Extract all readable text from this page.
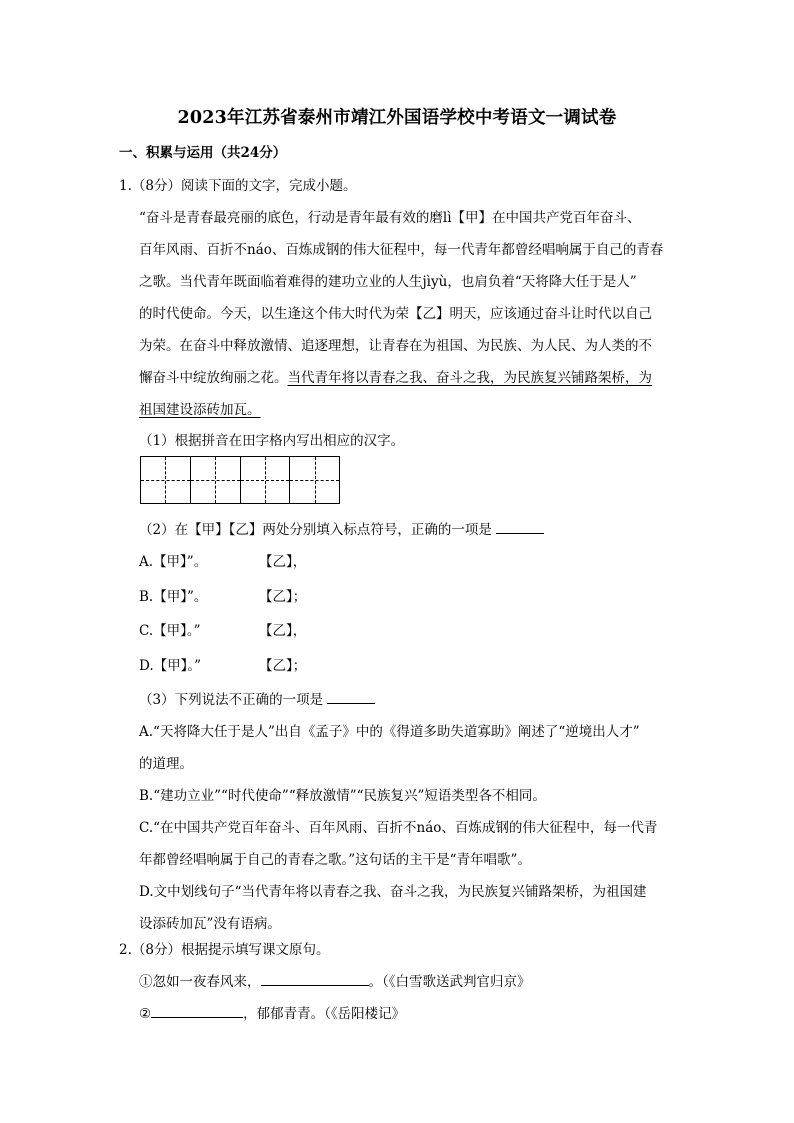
2023年江苏省泰州市靖江外国语学校中考语文一调试卷
一、积累与运用（共24分）
1.（8分）阅读下面的文字，完成小题。
“奋斗是青春最亮丽的底色，行动是青年最有效的磨lì【甲】在中国共产党百年奋斗、
百年风雨、百折不náo、百炼成钢的伟大征程中，每一代青年都曾经唱响属于自己的青春
之歌。当代青年既面临着难得的建功立业的人生jìyù，也肩负着“天将降大任于是人”
的时代使命。今天，以生逢这个伟大时代为荣【乙】明天，应该通过奋斗让时代以自己
为荣。在奋斗中释放激情、追逐理想，让青春在为祖国、为民族、为人民、为人类的不
懈奋斗中绽放绚丽之花。当代青年将以青春之我、奋斗之我，为民族复兴铺路架桥，为
祖国建设添砖加瓦。
（1）根据拼音在田字格内写出相应的汉字。
（2）在【甲】【乙】两处分别填入标点符号，正确的一项是
A.【甲】”。	【乙】，
B.【甲】”。	【乙】；
C.【甲】。”	【乙】，
D.【甲】。”	【乙】；
（3）下列说法不正确的一项是
A.“天将降大任于是人”出自《孟子》中的《得道多助失道寡助》阐述了“逆境出人才”
的道理。
B.“建功立业”“时代使命”“释放激情”“民族复兴”短语类型各不相同。
C.“在中国共产党百年奋斗、百年风雨、百折不náo、百炼成钢的伟大征程中，每一代青
年都曾经唱响属于自己的青春之歌。”这句话的主干是“青年唱歌”。
D.文中划线句子“当代青年将以青春之我、奋斗之我，为民族复兴铺路架桥，为祖国建
设添砖加瓦”没有语病。
2.（8分）根据提示填写课文原句。
①忽如一夜春风来，	。（《白雪歌送武判官归京》
②	，郁郁青青。（《岳阳楼记》
